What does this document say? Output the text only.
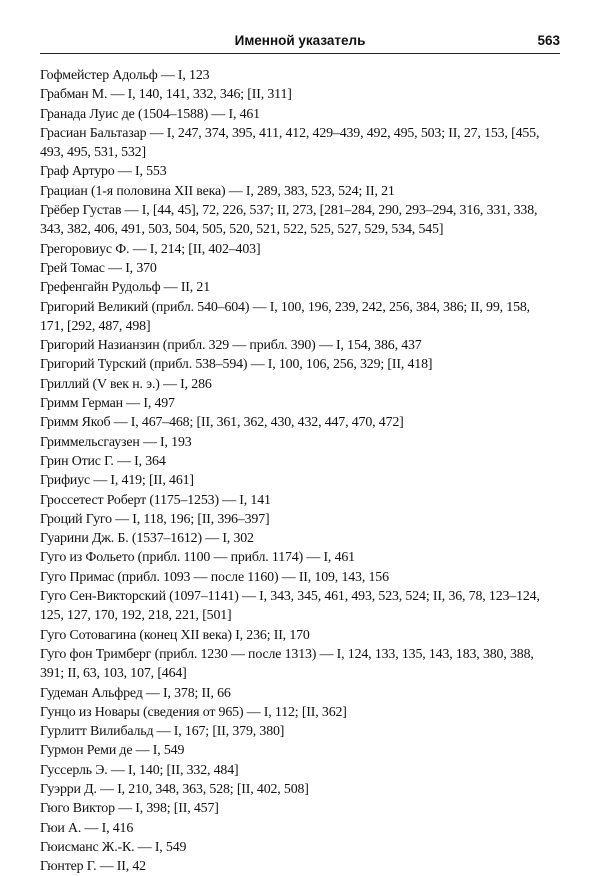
Именной указатель	563

Гофмейстер Адольф — I, 123

Грабман М. — I, 140, 141, 332, 346; [II, 311]

Гранада Луис де (1504–1588) — I, 461

Грасиан Бальтазар — I, 247, 374, 395, 411, 412, 429–439, 492, 495, 503; II, 27, 153, [455,
493, 495, 531, 532]

Граф Артуро — I, 553

Грациан (1-я половина XII века) — I, 289, 383, 523, 524; II, 21

Грёбер Густав — I, [44, 45], 72, 226, 537; II, 273, [281–284, 290, 293–294, 316, 331, 338,
343, 382, 406, 491, 503, 504, 505, 520, 521, 522, 525, 527, 529, 534, 545]

Грегоровиус Ф. — I, 214; [II, 402–403]

Грей Томас — I, 370

Грефенгайн Рудольф — II, 21

Григорий Великий (прибл. 540–604) — I, 100, 196, 239, 242, 256, 384, 386; II, 99, 158,
171, [292, 487, 498]

Григорий Назианзин (прибл. 329 — прибл. 390) — I, 154, 386, 437

Григорий Турский (прибл. 538–594) — I, 100, 106, 256, 329; [II, 418]

Гриллий (V век н. э.) — I, 286

Гримм Герман — I, 497

Гримм Якоб — I, 467–468; [II, 361, 362, 430, 432, 447, 470, 472]

Гриммельсгаузен — I, 193

Грин Отис Г. — I, 364

Грифиус — I, 419; [II, 461]

Гроссетест Роберт (1175–1253) — I, 141

Гроций Гуго — I, 118, 196; [II, 396–397]

Гуарини Дж. Б. (1537–1612) — I, 302

Гуго из Фольето (прибл. 1100 — прибл. 1174) — I, 461

Гуго Примас (прибл. 1093 — после 1160) — II, 109, 143, 156

Гуго Сен-Викторский (1097–1141) — I, 343, 345, 461, 493, 523, 524; II, 36, 78, 123–124,
125, 127, 170, 192, 218, 221, [501]

Гуго Сотовагина (конец XII века) I, 236; II, 170

Гуго фон Тримберг (прибл. 1230 — после 1313) — I, 124, 133, 135, 143, 183, 380, 388,
391; II, 63, 103, 107, [464]

Гудеман Альфред — I, 378; II, 66

Гунцо из Новары (сведения от 965) — I, 112; [II, 362]

Гурлитт Вилибальд — I, 167; [II, 379, 380]

Гурмон Реми де — I, 549

Гуссерль Э. — I, 140; [II, 332, 484]

Гуэрри Д. — I, 210, 348, 363, 528; [II, 402, 508]

Гюго Виктор — I, 398; [II, 457]

Гюи А. — I, 416

Гюисманс Ж.-К. — I, 549

Гюнтер Г. — II, 42
